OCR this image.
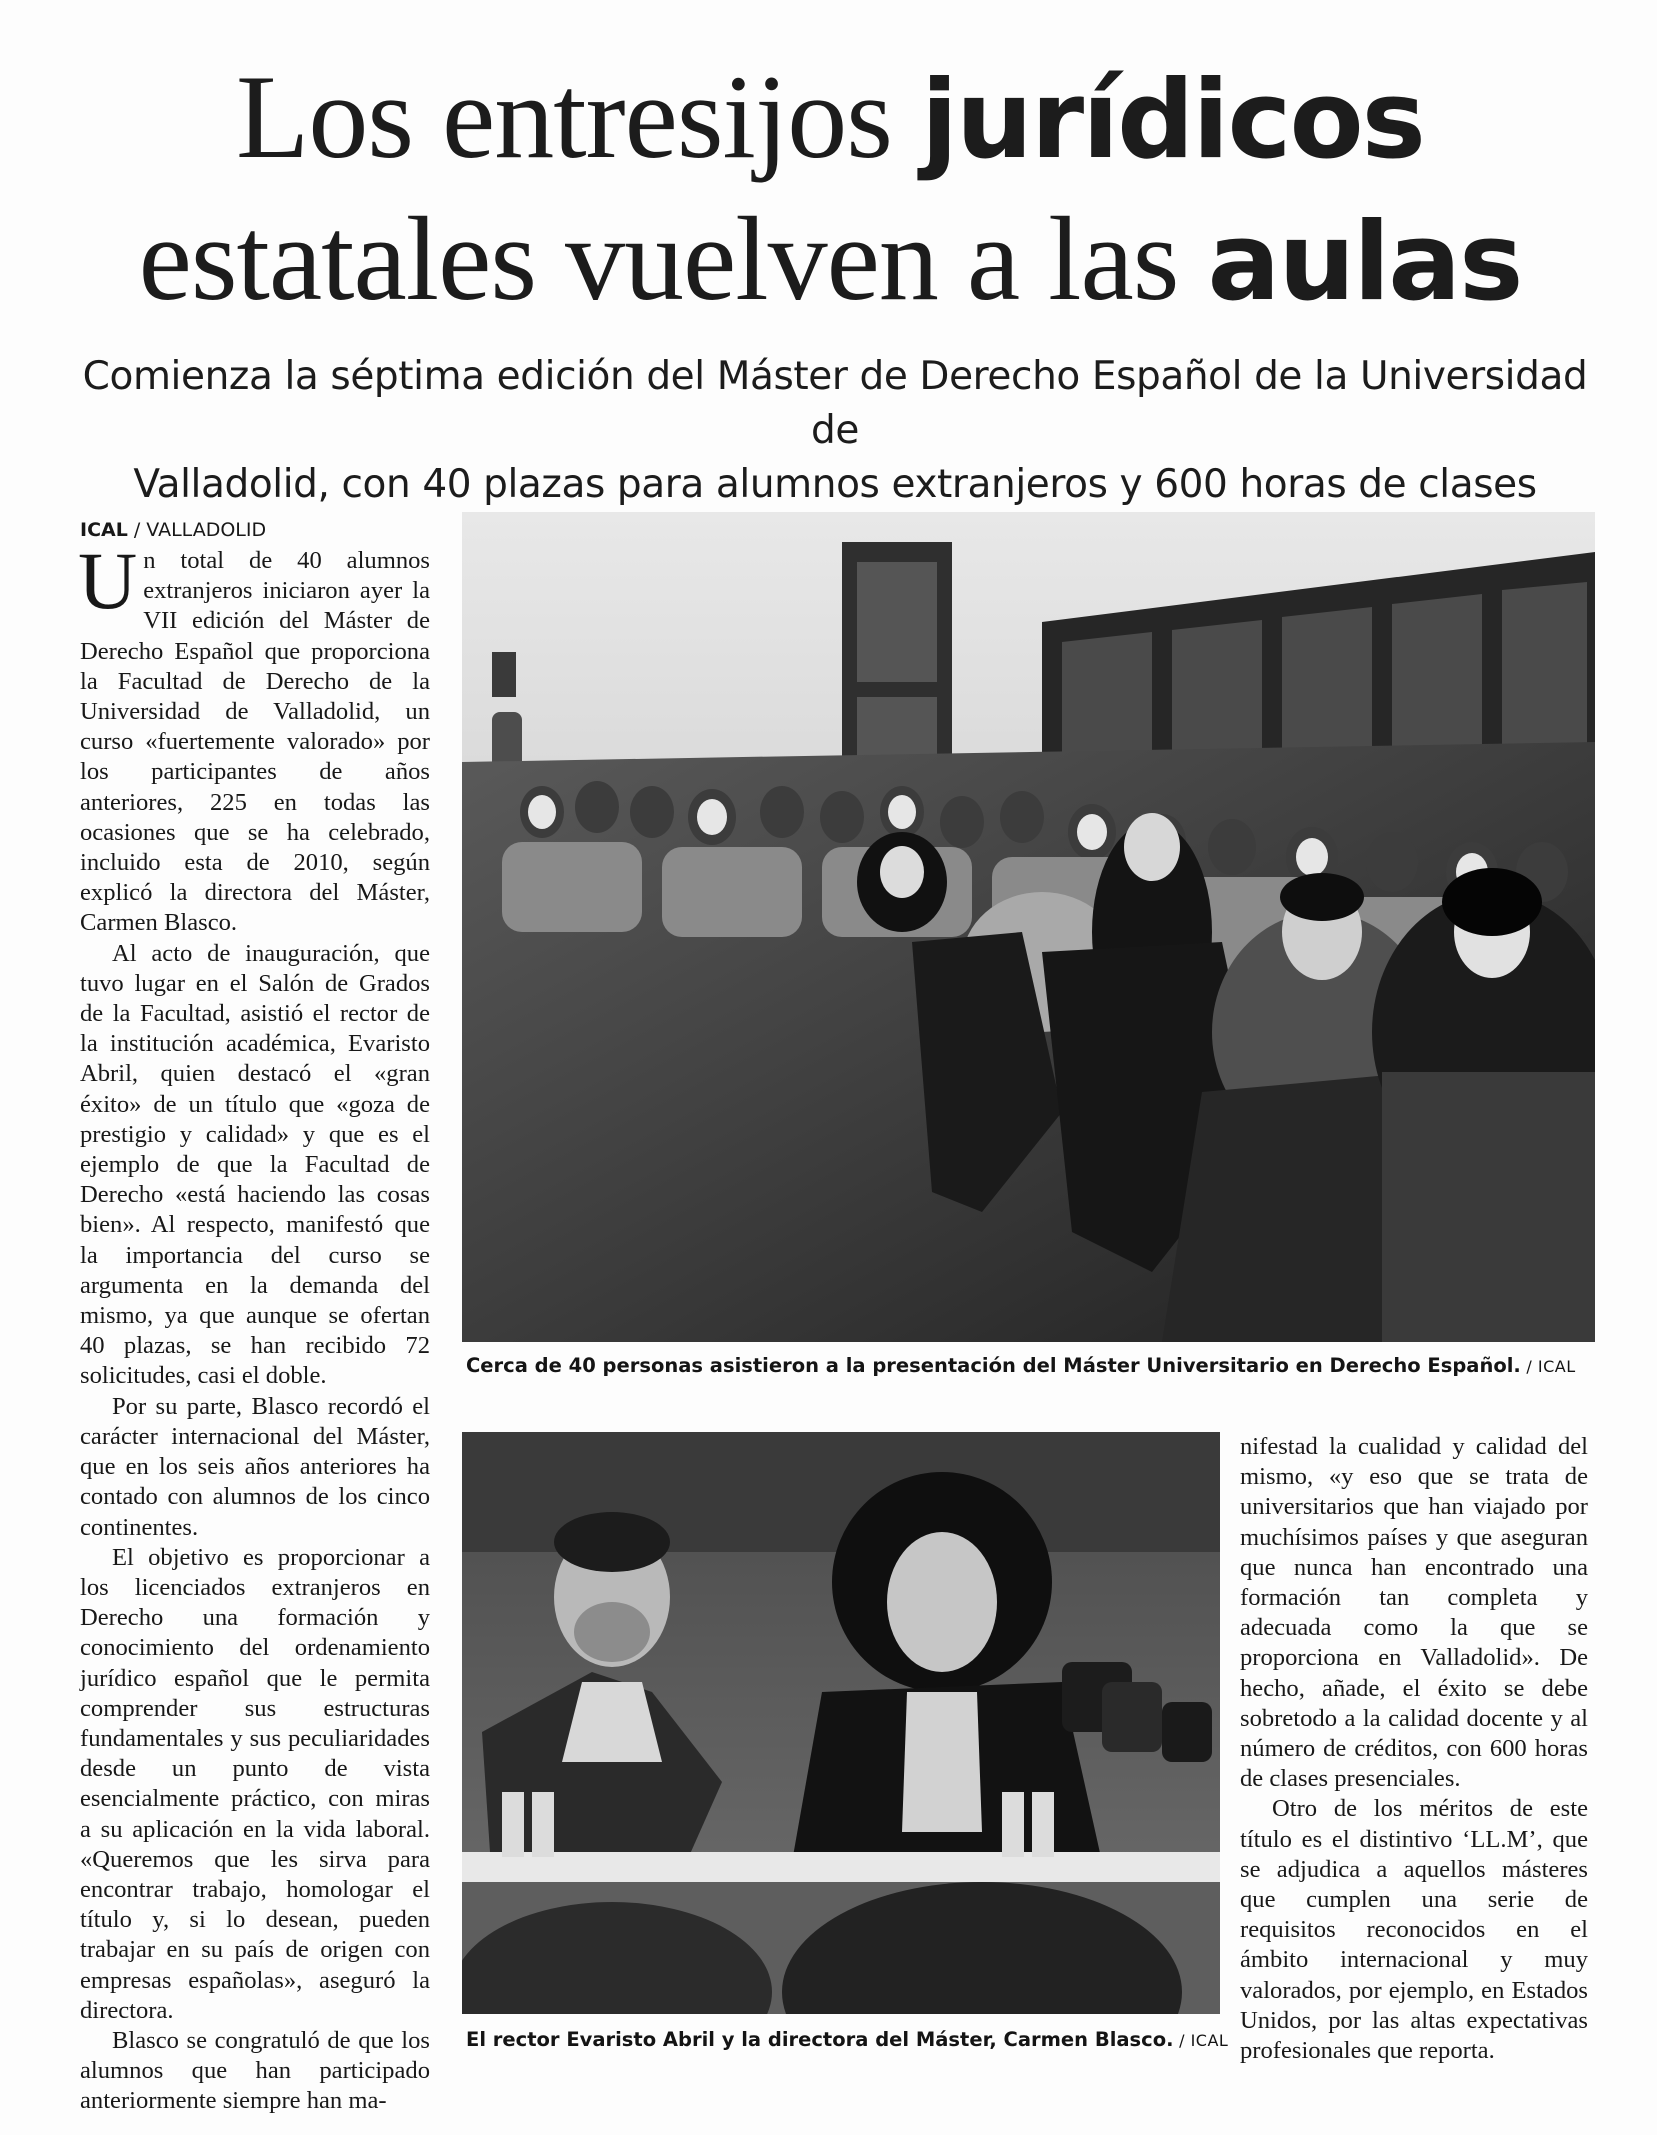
Los entresijos jurídicos
estatales vuelven a las aulas
Comienza la séptima edición del Máster de Derecho Español de la Universidad de
Valladolid, con 40 plazas para alumnos extranjeros y 600 horas de clases
ICAL / VALLADOLID

Un total de 40 alumnos extranjeros iniciaron ayer la VII edición del Máster de Derecho Español que proporciona la Facultad de Derecho de la Universidad de Valladolid, un curso «fuertemente valorado» por los participantes de años anteriores, 225 en todas las ocasiones que se ha celebrado, incluido esta de 2010, según explicó la directora del Máster, Carmen Blasco.

Al acto de inauguración, que tuvo lugar en el Salón de Grados de la Facultad, asistió el rector de la institución académica, Evaristo Abril, quien destacó el «gran éxito» de un título que «goza de prestigio y calidad» y que es el ejemplo de que la Facultad de Derecho «está haciendo las cosas bien». Al respecto, manifestó que la importancia del curso se argumenta en la demanda del mismo, ya que aunque se ofertan 40 plazas, se han recibido 72 solicitudes, casi el doble.

Por su parte, Blasco recordó el carácter internacional del Máster, que en los seis años anteriores ha contado con alumnos de los cinco continentes.

El objetivo es proporcionar a los licenciados extranjeros en Derecho una formación y conocimiento del ordenamiento jurídico español que le permita comprender sus estructuras fundamentales y sus peculiaridades desde un punto de vista esencialmente práctico, con miras a su aplicación en la vida laboral. «Queremos que les sirva para encontrar trabajo, homologar el título y, si lo desean, pueden trabajar en su país de origen con empresas españolas», aseguró la directora.

Blasco se congratuló de que los alumnos que han participado anteriormente siempre han ma-

Cerca de 40 personas asistieron a la presentación del Máster Universitario en Derecho Español. / ICAL
El rector Evaristo Abril y la directora del Máster, Carmen Blasco. / ICAL

nifestad la cualidad y calidad del mismo, «y eso que se trata de universitarios que han viajado por muchísimos países y que aseguran que nunca han encontrado una formación tan completa y adecuada como la que se proporciona en Valladolid». De hecho, añade, el éxito se debe sobretodo a la calidad docente y al número de créditos, con 600 horas de clases presenciales.

Otro de los méritos de este título es el distintivo ‘LL.M’, que se adjudica a aquellos másteres que cumplen una serie de requisitos reconocidos en el ámbito internacional y muy valorados, por ejemplo, en Estados Unidos, por las altas expectativas profesionales que reporta.
